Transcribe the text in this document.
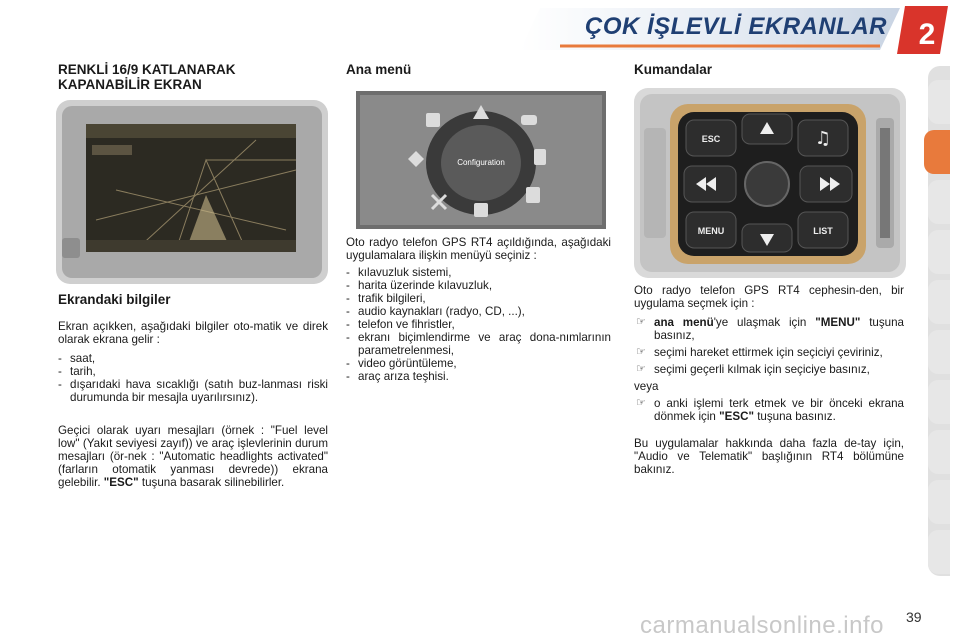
ÇOK İŞLEVLİ EKRANLAR 2
RENKLİ 16/9 KATLANARAK KAPANABİLİR EKRAN
Ekrandaki bilgiler

Ekran açıkken, aşağıdaki bilgiler oto-matik ve direk olarak ekrana gelir :

- saat,
- tarih,
- dışarıdaki hava sıcaklığı (satıh buz-lanması riski durumunda bir mesajla uyarılırsınız).

Geçici olarak uyarı mesajları (örnek : "Fuel level low" (Yakıt seviyesi zayıf)) ve araç işlevlerinin durum mesajları (ör-nek : "Automatic headlights activated" (farların otomatik yanması devrede)) ekrana gelebilir. "ESC" tuşuna basarak silinebilirler.

Ana menü
Configuration

Oto radyo telefon GPS RT4 açıldığında, aşağıdaki uygulamalara ilişkin menüyü seçiniz :

- kılavuzluk sistemi,
- harita üzerinde kılavuzluk,
- trafik bilgileri,
- audio kaynakları (radyo, CD, ...),
- telefon ve fihristler,
- ekranı biçimlendirme ve araç dona-nımlarının parametrelenmesi,
- video görüntüleme,
- araç arıza teşhisi.
Kumandalar
ESC
MENU	LIST
♫

Oto radyo telefon GPS RT4 cephesin-den, bir uygulama seçmek için :

☞ ana menü'ye ulaşmak için "MENU" tuşuna basınız,
☞ seçimi hareket ettirmek için seçiciyi çeviriniz,
☞ seçimi geçerli kılmak için seçiciye basınız,

veya

☞ o anki işlemi terk etmek ve bir önceki ekrana dönmek için "ESC" tuşuna basınız.

Bu uygulamalar hakkında daha fazla de-tay için, "Audio ve Telematik" başlığının RT4 bölümüne bakınız.

carmanualsonline.info 39
